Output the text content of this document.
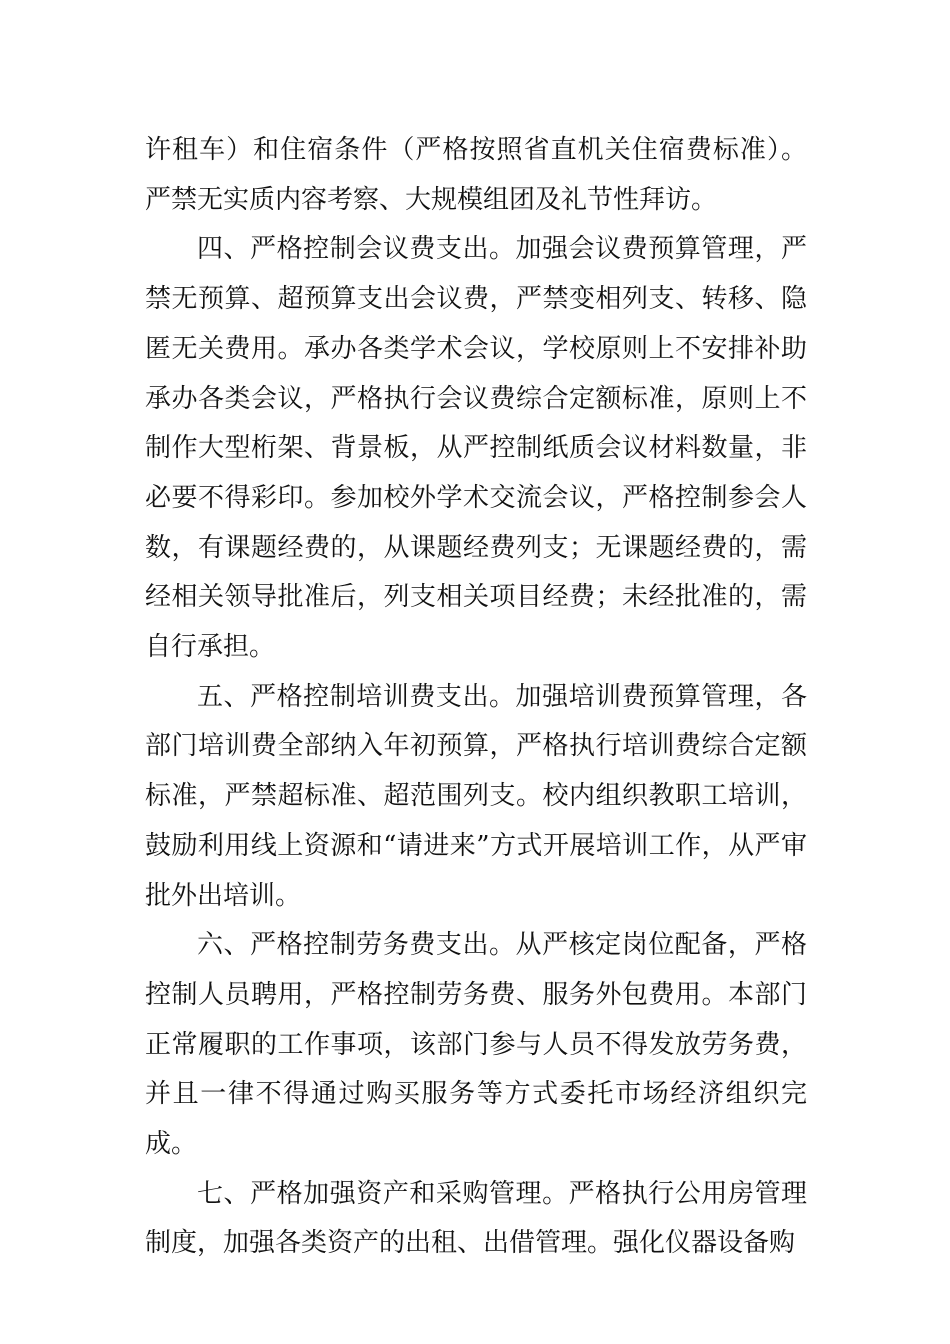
许租车）和住宿条件（严格按照省直机关住宿费标准）。严禁无实质内容考察、大规模组团及礼节性拜访。

四、严格控制会议费支出。加强会议费预算管理，严禁无预算、超预算支出会议费，严禁变相列支、转移、隐匿无关费用。承办各类学术会议，学校原则上不安排补助承办各类会议，严格执行会议费综合定额标准，原则上不制作大型桁架、背景板，从严控制纸质会议材料数量，非必要不得彩印。参加校外学术交流会议，严格控制参会人数，有课题经费的，从课题经费列支；无课题经费的，需经相关领导批准后，列支相关项目经费；未经批准的，需自行承担。

五、严格控制培训费支出。加强培训费预算管理，各部门培训费全部纳入年初预算，严格执行培训费综合定额标准，严禁超标准、超范围列支。校内组织教职工培训，鼓励利用线上资源和“请进来”方式开展培训工作，从严审批外出培训。

六、严格控制劳务费支出。从严核定岗位配备，严格控制人员聘用，严格控制劳务费、服务外包费用。本部门正常履职的工作事项，该部门参与人员不得发放劳务费，并且一律不得通过购买服务等方式委托市场经济组织完成。

七、严格加强资产和采购管理。严格执行公用房管理制度，加强各类资产的出租、出借管理。强化仪器设备购
